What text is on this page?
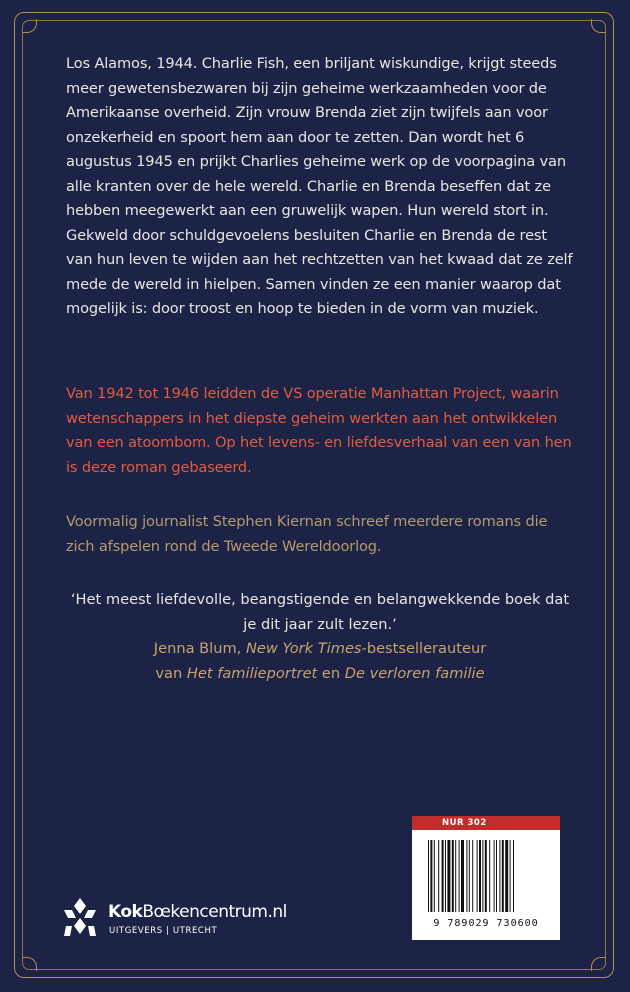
Los Alamos, 1944. Charlie Fish, een briljant wiskundige, krijgt steeds meer gewetensbezwaren bij zijn geheime werkzaamheden voor de Amerikaanse overheid. Zijn vrouw Brenda ziet zijn twijfels aan voor onzekerheid en spoort hem aan door te zetten. Dan wordt het 6 augustus 1945 en prijkt Charlies geheime werk op de voorpagina van alle kranten over de hele wereld. Charlie en Brenda beseffen dat ze hebben meegewerkt aan een gruwelijk wapen. Hun wereld stort in.

Gekweld door schuldgevoelens besluiten Charlie en Brenda de rest van hun leven te wijden aan het rechtzetten van het kwaad dat ze zelf mede de wereld in hielpen. Samen vinden ze een manier waarop dat mogelijk is: door troost en hoop te bieden in de vorm van muziek.

Van 1942 tot 1946 leidden de VS operatie Manhattan Project, waarin wetenschappers in het diepste geheim werkten aan het ontwikkelen van een atoombom. Op het levens- en liefdesverhaal van een van hen is deze roman gebaseerd.
Voormalig journalist Stephen Kiernan schreef meerdere romans die zich afspelen rond de Tweede Wereldoorlog.
‘Het meest liefdevolle, beangstigende en belangwekkende boek dat je dit jaar zult lezen.’
Jenna Blum, New York Times-bestsellerauteur
van Het familieportret en De verloren familie
NUR 302
9 789029 730600
KokBœkencentrum.nl
UITGEVERS | UTRECHT
